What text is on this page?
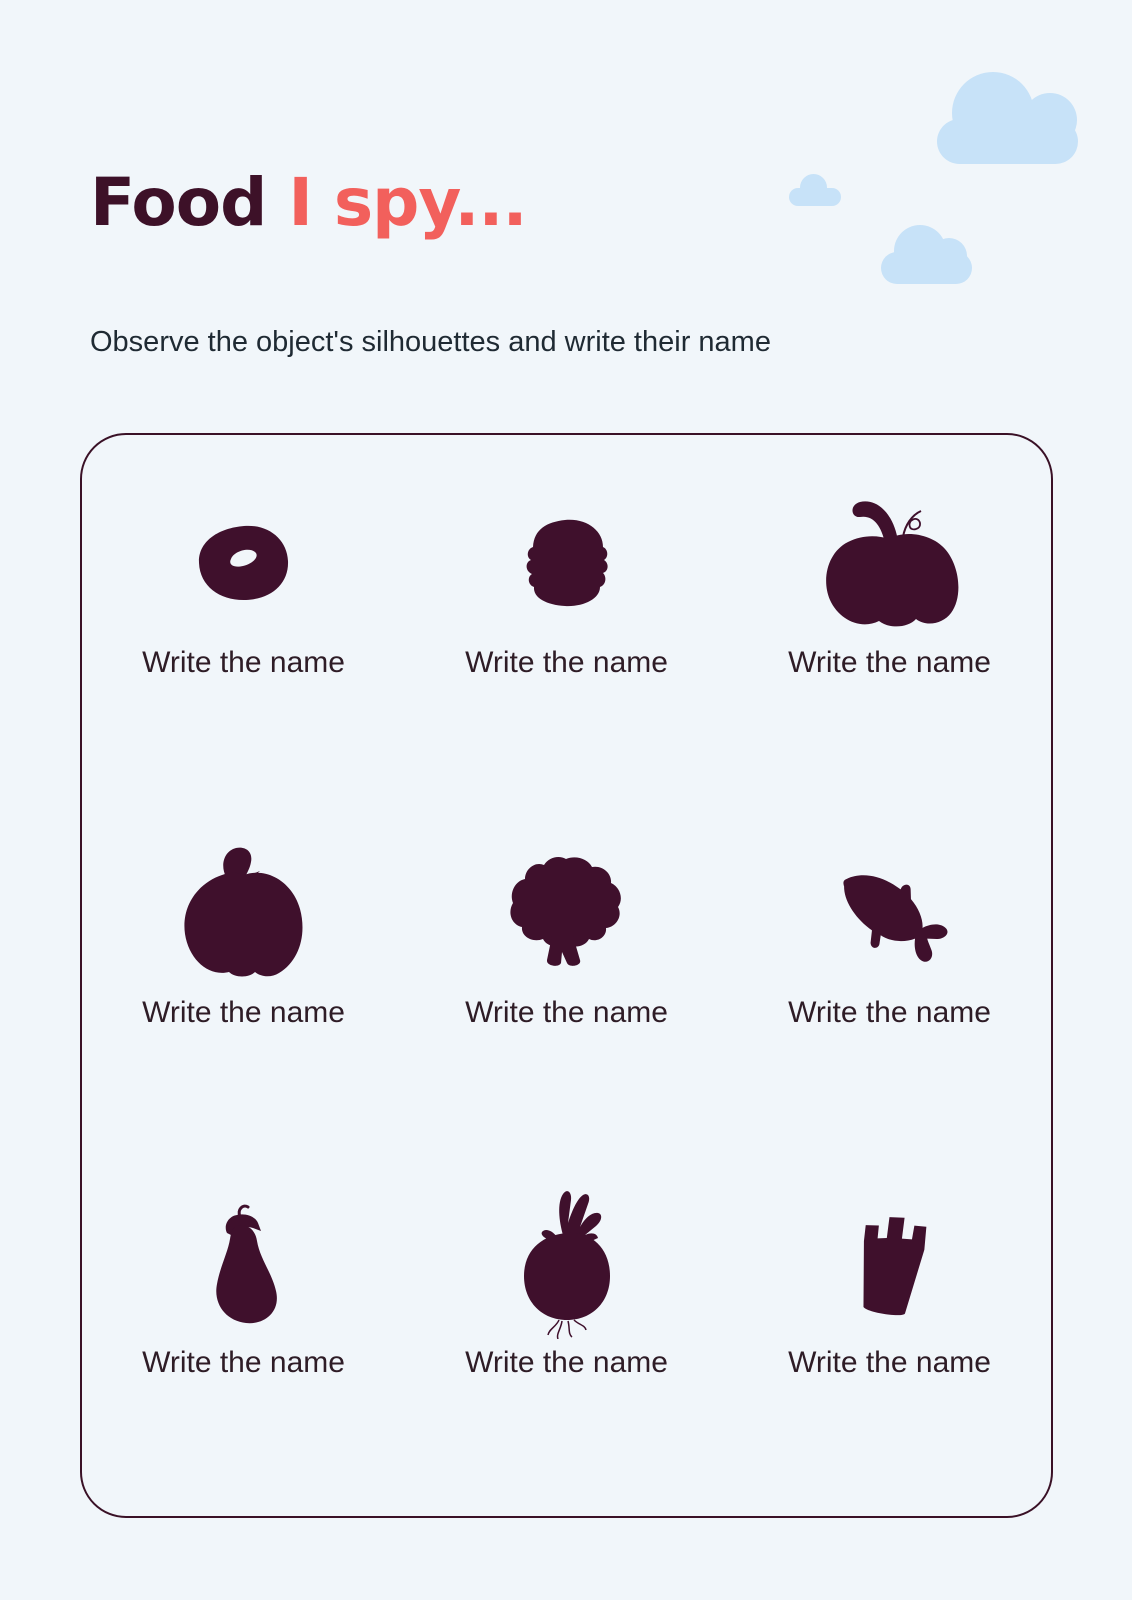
Food I spy...

Observe the object's silhouettes and write their name

Write the name	Write the name	Write the name
Write the name	Write the name	Write the name
Write the name	Write the name	Write the name
